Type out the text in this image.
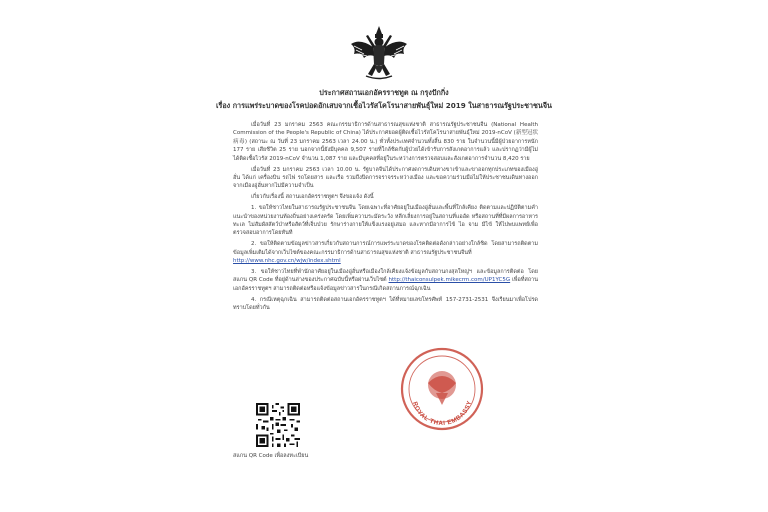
ประกาศสถานเอกอัครราชทูต ณ กรุงปักกิ่ง
เรื่อง การแพร่ระบาดของโรคปอดอักเสบจากเชื้อไวรัสโคโรนาสายพันธุ์ใหม่ 2019 ในสาธารณรัฐประชาชนจีน

เมื่อวันที่ 23 มกราคม 2563 คณะกรรมาธิการด้านสาธารณสุขแห่งชาติ สาธารณรัฐประชาชนจีน (National Health Commission of the People's Republic of China) ได้ประกาศยอดผู้ติดเชื้อไวรัสโคโรนาสายพันธุ์ใหม่ 2019-nCoV (新型冠状病毒) (สถานะ ณ วันที่ 23 มกราคม 2563 เวลา 24.00 น.) ทั่วทั้งประเทศจำนวนทั้งสิ้น 830 ราย ในจำนวนนี้มีผู้ป่วยอาการหนัก 177 ราย เสียชีวิต 25 ราย นอกจากนี้ยังมีบุคคล 9,507 รายที่ใกล้ชิดกับผู้ป่วยได้เข้ารับการสังเกตอาการแล้ว และปรากฏว่ามีผู้ไม่ได้ติดเชื้อไวรัส 2019-nCoV จำนวน 1,087 ราย และมีบุคคลที่อยู่ในระหว่างการตรวจสอบและสังเกตอาการจำนวน 8,420 ราย

เมื่อวันที่ 23 มกราคม 2563 เวลา 10.00 น. รัฐบาลจีนได้ประกาศงดการเดินทางขาเข้าและขาออกทุกประเภทของเมืองอู่ฮั่น ได้แก่ เครื่องบิน รถไฟ รถโดยสาร และเรือ รวมถึงปิดการจราจรระหว่างเมือง และขอความร่วมมือไม่ให้ประชาชนเดินทางออกจากเมืองอู่ฮั่นหากไม่มีความจำเป็น

เกี่ยวกับเรื่องนี้ สถานเอกอัครราชทูตฯ จึงขอแจ้ง ดังนี้

1. ขอให้ชาวไทยในสาธารณรัฐประชาชนจีน โดยเฉพาะที่อาศัยอยู่ในเมืองอู่ฮั่นและพื้นที่ใกล้เคียง ติดตามและปฏิบัติตามคำแนะนำของหน่วยงานท้องถิ่นอย่างเคร่งครัด โดยเพิ่มความระมัดระวัง หลีกเลี่ยงการอยู่ในสถานที่แออัด หรือสถานที่ที่มีผลการอาหารทะเล ไม่สัมผัสสัตว์ป่าหรือสัตว์ที่เจ็บป่วย รักษาร่างกายให้แข็งแรงอยู่เสมอ และหากมีอาการไข้ ไอ จาม มีไข้ ให้ไปพบแพทย์เพื่อตรวจสอบอาการโดยทันที

2. ขอให้ติดตามข้อมูลข่าวสารเกี่ยวกับสถานการณ์การแพร่ระบาดของโรคติดต่อดังกล่าวอย่างใกล้ชิด โดยสามารถติดตามข้อมูลเพิ่มเติมได้จากเว็บไซต์ของคณะกรรมาธิการด้านสาธารณสุขแห่งชาติ สาธารณรัฐประชาชนจีนที่
http://www.nhc.gov.cn/wjw/index.shtml

3. ขอให้ชาวไทยที่พำนักอาศัยอยู่ในเมืองอู่ฮั่นหรือเมืองใกล้เคียงแจ้งข้อมูลกับสถานกงสุลใหญ่ฯ และข้อมูลการติดต่อ โดยสแกน QR Code ที่อยู่ด้านล่างของประกาศฉบับนี้หรือผ่านเว็บไซต์ http://thaiconsulpek.mikecrm.com/UP1YC5G เพื่อที่สถานเอกอัครราชทูตฯ สามารถติดต่อหรือแจ้งข้อมูลข่าวสารในกรณีเกิดสถานการณ์ฉุกเฉิน

4. กรณีเหตุฉุกเฉิน สามารถติดต่อสถานเอกอัครราชทูตฯ ได้ที่หมายเลขโทรศัพท์ 157-2731-2531 จึงเรียนมาเพื่อโปรดทราบโดยทั่วกัน

ROYAL THAI EMBASSY
สแกน QR Code เพื่อลงทะเบียน
